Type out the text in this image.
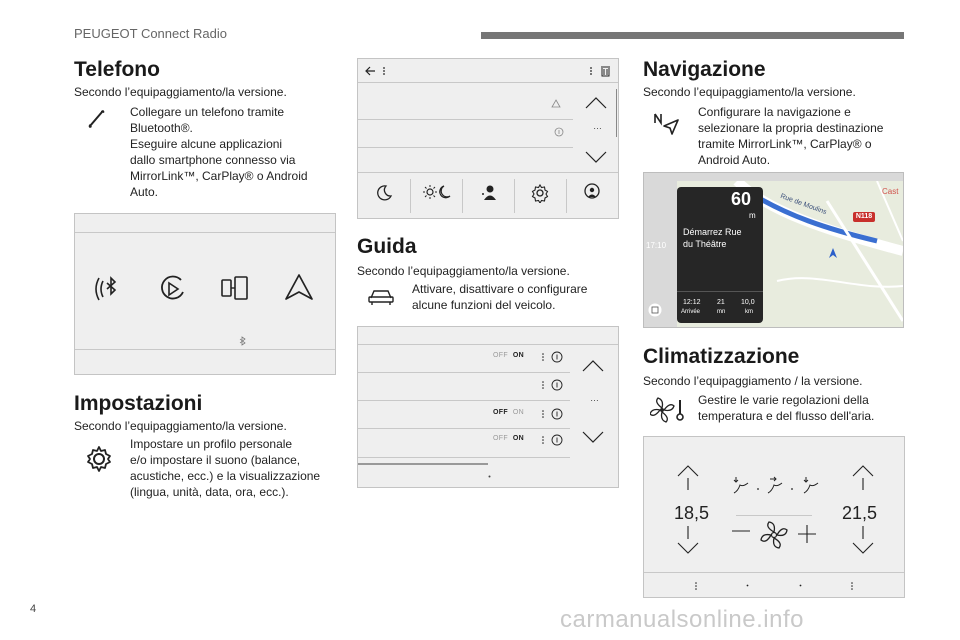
PEUGEOT Connect Radio
Telefono
Secondo l’equipaggiamento/la versione.
Collegare un telefono tramite
Bluetooth®.
Eseguire alcune applicazioni
dallo smartphone connesso via
MirrorLink™, CarPlay® o Android
Auto.
Impostazioni
Secondo l’equipaggiamento/la versione.
Impostare un profilo personale
e/o impostare il suono (balance,
acustiche, ecc.) e la visualizzazione
(lingua, unità, data, ora, ecc.).
…
Guida
Secondo l’equipaggiamento/la versione.
Attivare, disattivare o configurare
alcune funzioni del veicolo.
OFF ON
OFF ON
OFF ON
…
Navigazione
Secondo l’equipaggiamento/la versione.
Configurare la navigazione e
selezionare la propria destinazione
tramite MirrorLink™, CarPlay® o
Android Auto.
N118
Cast
Rue de Moulins
60
m
Démarrez Rue
du Théâtre
12:12
Arrivée
21
mn
10,0
km
17:10
Climatizzazione
Secondo l’equipaggiamento / la versione.
Gestire le varie regolazioni della
temperatura e del flusso dell'aria.
18,5	21,5
4	carmanualsonline.info
